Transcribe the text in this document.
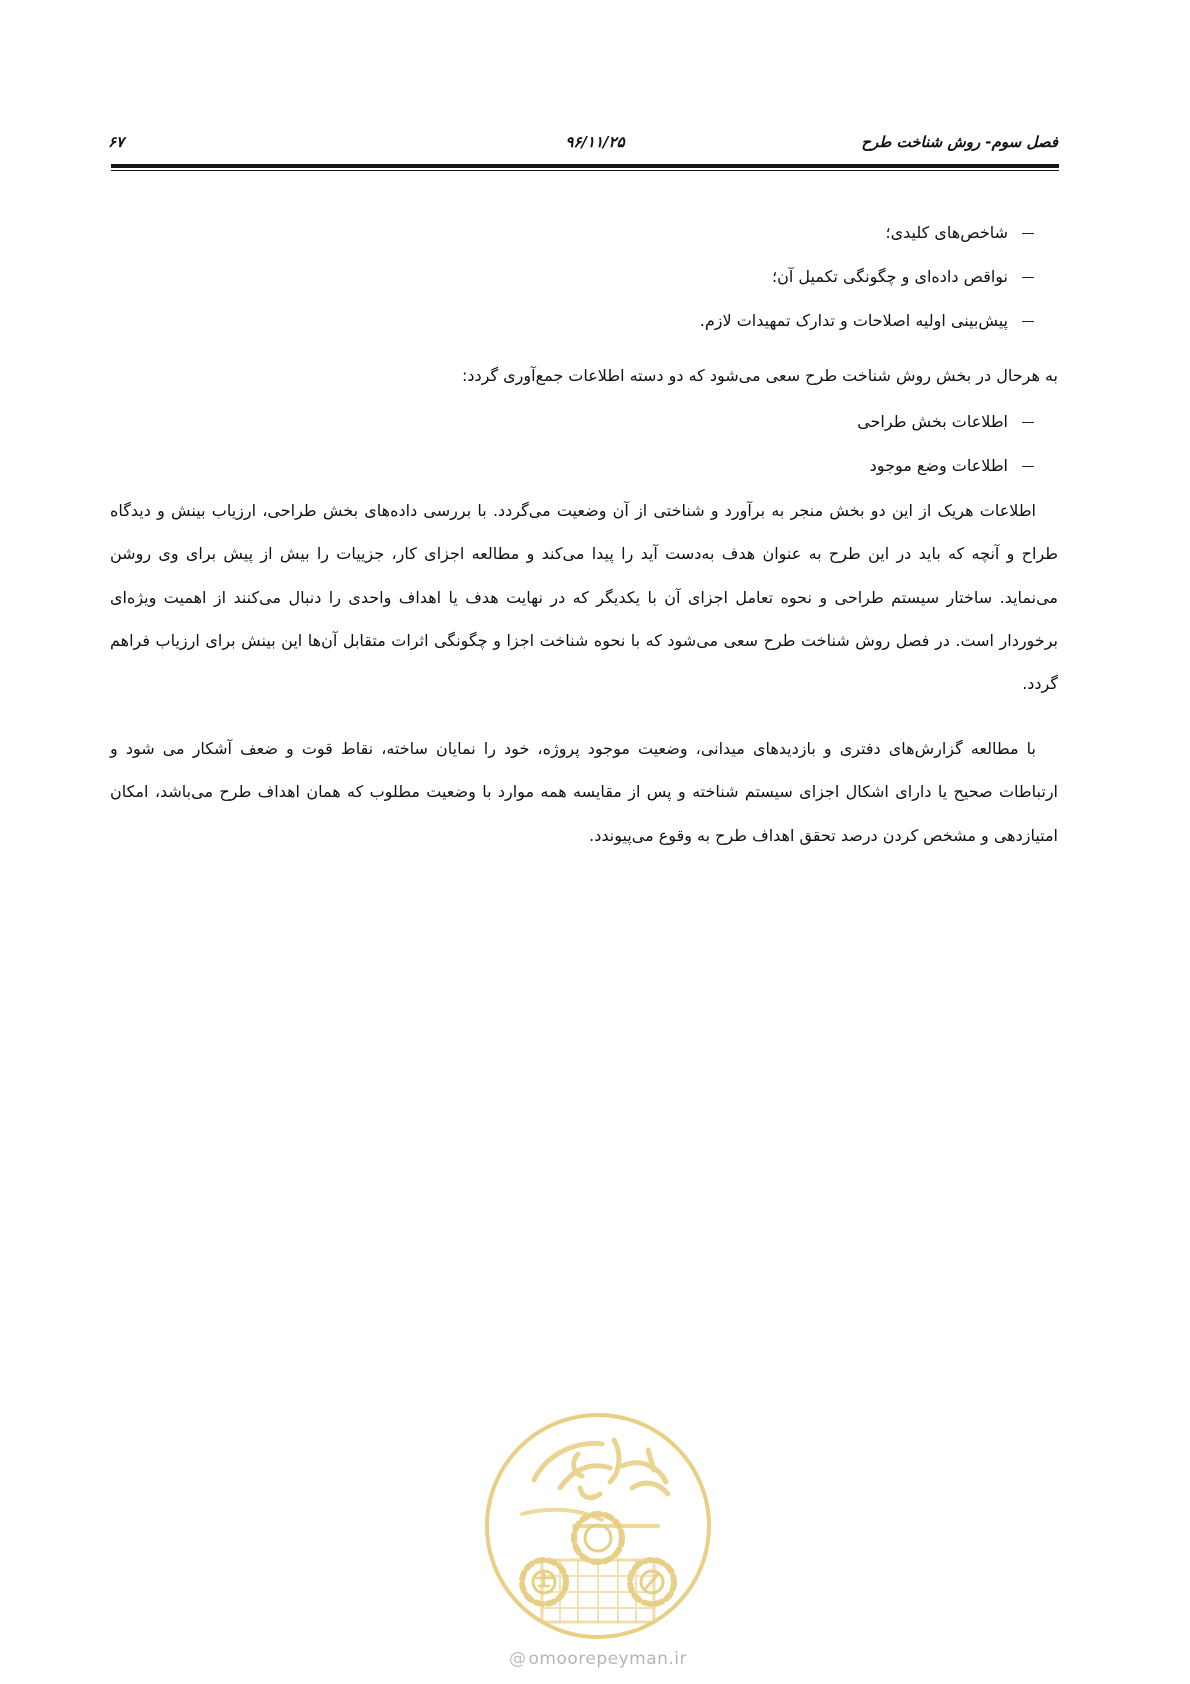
فصل سوم- روش شناخت طرح
۹۶/۱۱/۲۵
۶۷
شاخص‌های کلیدی؛
نواقص داده‌ای و چگونگی تکمیل آن؛
پیش‌بینی اولیه اصلاحات و تدارک تمهیدات لازم.

به هرحال در بخش روش شناخت طرح سعی می‌شود که دو دسته اطلاعات جمع‌آوری گردد:

اطلاعات بخش طراحی
اطلاعات وضع موجود

اطلاعات هریک از این دو بخش منجر به برآورد و شناختی از آن وضعیت می‌گردد. با بررسی داده‌های بخش طراحی، ارزیاب بینش و دیدگاه طراح و آنچه که باید در این طرح به عنوان هدف به‌دست آید را پیدا می‌کند و مطالعه اجزای کار، جزییات را بیش از پیش برای وی روشن می‌نماید. ساختار سیستم طراحی و نحوه تعامل اجزای آن با یکدیگر که در نهایت هدف یا اهداف واحدی را دنبال می‌کنند از اهمیت ویژه‌ای برخوردار است. در فصل روش شناخت طرح سعی می‌شود که با نحوه شناخت اجزا و چگونگی اثرات متقابل آن‌ها این بینش برای ارزیاب فراهم گردد.

با مطالعه گزارش‌های دفتری و بازدیدهای میدانی، وضعیت موجود پروژه، خود را نمایان ساخته، نقاط قوت و ضعف آشکار می شود و ارتباطات صحیح یا دارای اشکال اجزای سیستم شناخته و پس از مقایسه همه موارد با وضعیت مطلوب که همان اهداف طرح می‌باشد، امکان امتیازدهی و مشخص کردن درصد تحقق اهداف طرح به وقوع می‌پیوندد.

@ omoorepeyman.ir
